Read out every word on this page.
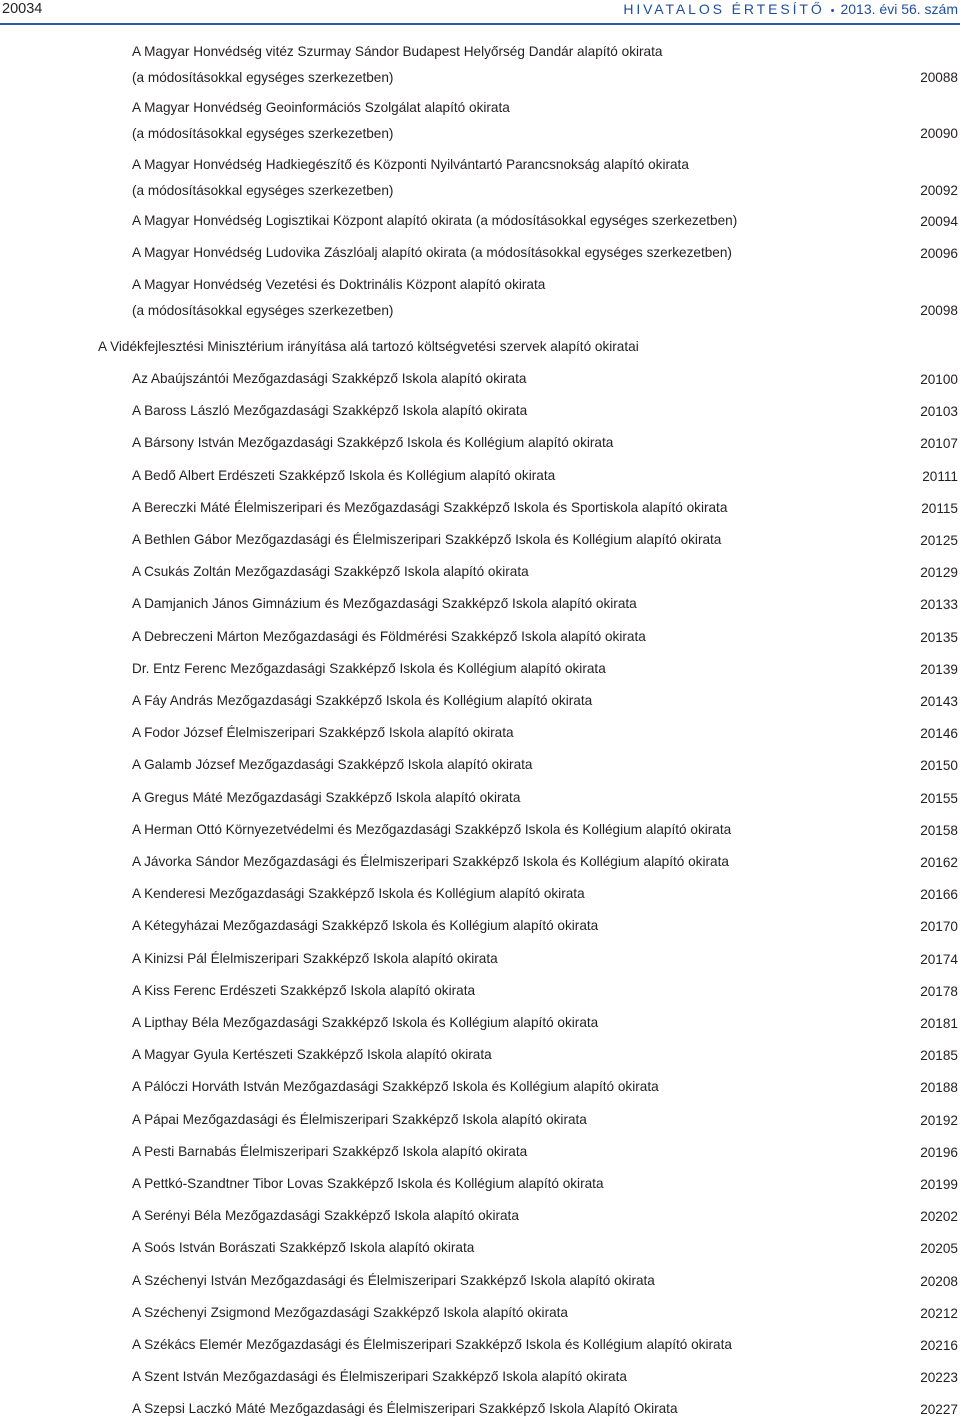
20034	HIVATALOS ÉRTESÍTŐ • 2013. évi 56. szám
A Magyar Honvédség vitéz Szurmay Sándor Budapest Helyőrség Dandár alapító okirata
(a módosításokkal egységes szerkezetben)	20088
A Magyar Honvédség Geoinformációs Szolgálat alapító okirata
(a módosításokkal egységes szerkezetben)	20090
A Magyar Honvédség Hadkiegészítő és Központi Nyilvántartó Parancsnokság alapító okirata
(a módosításokkal egységes szerkezetben)	20092
A Magyar Honvédség Logisztikai Központ alapító okirata (a módosításokkal egységes szerkezetben)	20094
A Magyar Honvédség Ludovika Zászlóalj alapító okirata (a módosításokkal egységes szerkezetben)	20096
A Magyar Honvédség Vezetési és Doktrinális Központ alapító okirata
(a módosításokkal egységes szerkezetben)	20098
A Vidékfejlesztési Minisztérium irányítása alá tartozó költségvetési szervek alapító okiratai
Az Abaújszántói Mezőgazdasági Szakképző Iskola alapító okirata	20100
A Baross László Mezőgazdasági Szakképző Iskola alapító okirata	20103
A Bársony István Mezőgazdasági Szakképző Iskola és Kollégium alapító okirata	20107
A Bedő Albert Erdészeti Szakképző Iskola és Kollégium alapító okirata	20111
A Bereczki Máté Élelmiszeripari és Mezőgazdasági Szakképző Iskola és Sportiskola alapító okirata	20115
A Bethlen Gábor Mezőgazdasági és Élelmiszeripari Szakképző Iskola és Kollégium alapító okirata	20125
A Csukás Zoltán Mezőgazdasági Szakképző Iskola alapító okirata	20129
A Damjanich János Gimnázium és Mezőgazdasági Szakképző Iskola alapító okirata	20133
A Debreczeni Márton Mezőgazdasági és Földmérési Szakképző Iskola alapító okirata	20135
Dr. Entz Ferenc Mezőgazdasági Szakképző Iskola és Kollégium alapító okirata	20139
A Fáy András Mezőgazdasági Szakképző Iskola és Kollégium alapító okirata	20143
A Fodor József Élelmiszeripari Szakképző Iskola alapító okirata	20146
A Galamb József Mezőgazdasági Szakképző Iskola alapító okirata	20150
A Gregus Máté Mezőgazdasági Szakképző Iskola alapító okirata	20155
A Herman Ottó Környezetvédelmi és Mezőgazdasági Szakképző Iskola és Kollégium alapító okirata	20158
A Jávorka Sándor Mezőgazdasági és Élelmiszeripari Szakképző Iskola és Kollégium alapító okirata	20162
A Kenderesi Mezőgazdasági Szakképző Iskola és Kollégium alapító okirata	20166
A Kétegyházai Mezőgazdasági Szakképző Iskola és Kollégium alapító okirata	20170
A Kinizsi Pál Élelmiszeripari Szakképző Iskola alapító okirata	20174
A Kiss Ferenc Erdészeti Szakképző Iskola alapító okirata	20178
A Lipthay Béla Mezőgazdasági Szakképző Iskola és Kollégium alapító okirata	20181
A Magyar Gyula Kertészeti Szakképző Iskola alapító okirata	20185
A Pálóczi Horváth István Mezőgazdasági Szakképző Iskola és Kollégium alapító okirata	20188
A Pápai Mezőgazdasági és Élelmiszeripari Szakképző Iskola alapító okirata	20192
A Pesti Barnabás Élelmiszeripari Szakképző Iskola alapító okirata	20196
A Pettkó-Szandtner Tibor Lovas Szakképző Iskola és Kollégium alapító okirata	20199
A Serényi Béla Mezőgazdasági Szakképző Iskola alapító okirata	20202
A Soós István Borászati Szakképző Iskola alapító okirata	20205
A Széchenyi István Mezőgazdasági és Élelmiszeripari Szakképző Iskola alapító okirata	20208
A Széchenyi Zsigmond Mezőgazdasági Szakképző Iskola alapító okirata	20212
A Székács Elemér Mezőgazdasági és Élelmiszeripari Szakképző Iskola és Kollégium alapító okirata	20216
A Szent István Mezőgazdasági és Élelmiszeripari Szakképző Iskola alapító okirata	20223
A Szepsi Laczkó Máté Mezőgazdasági és Élelmiszeripari Szakképző Iskola Alapító Okirata	20227
